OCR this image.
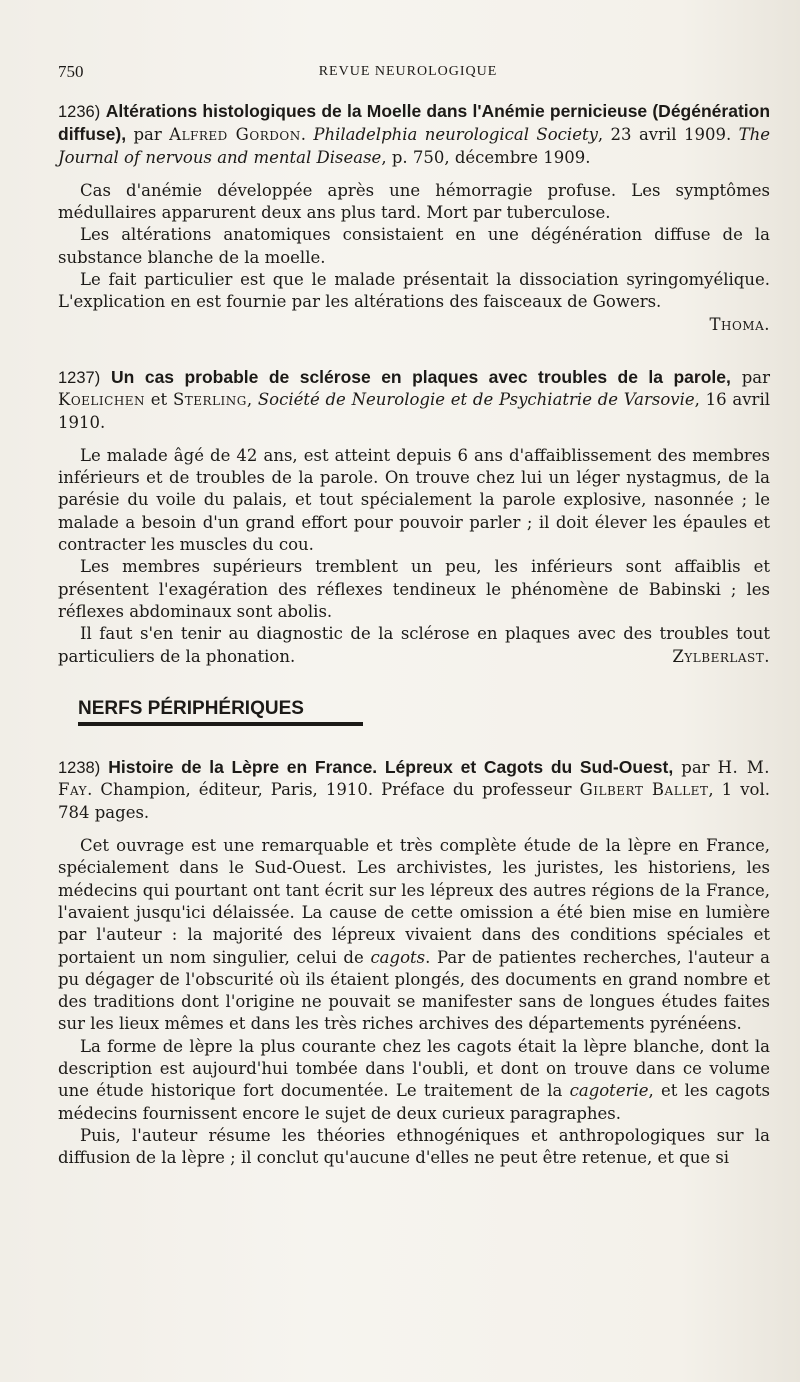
750	REVUE NEUROLOGIQUE

1236) Altérations histologiques de la Moelle dans l'Anémie pernicieuse (Dégénération diffuse), par Alfred Gordon. Philadelphia neurological Society, 23 avril 1909. The Journal of nervous and mental Disease, p. 750, décembre 1909.

Cas d'anémie développée après une hémorragie profuse. Les symptômes médullaires apparurent deux ans plus tard. Mort par tuberculose.

Les altérations anatomiques consistaient en une dégénération diffuse de la substance blanche de la moelle.

Le fait particulier est que le malade présentait la dissociation syringomyélique. L'explication en est fournie par les altérations des faisceaux de Gowers.

Thoma.

1237) Un cas probable de sclérose en plaques avec troubles de la parole, par Koelichen et Sterling, Société de Neurologie et de Psychiatrie de Varsovie, 16 avril 1910.

Le malade âgé de 42 ans, est atteint depuis 6 ans d'affaiblissement des membres inférieurs et de troubles de la parole. On trouve chez lui un léger nystagmus, de la parésie du voile du palais, et tout spécialement la parole explosive, nasonnée ; le malade a besoin d'un grand effort pour pouvoir parler ; il doit élever les épaules et contracter les muscles du cou.

Les membres supérieurs tremblent un peu, les inférieurs sont affaiblis et présentent l'exagération des réflexes tendineux le phénomène de Babinski ; les réflexes abdominaux sont abolis.

Il faut s'en tenir au diagnostic de la sclérose en plaques avec des troubles tout particuliers de la phonation.	Zylberlast.

NERFS PÉRIPHÉRIQUES

1238) Histoire de la Lèpre en France. Lépreux et Cagots du Sud-Ouest, par H. M. Fay. Champion, éditeur, Paris, 1910. Préface du professeur Gilbert Ballet, 1 vol. 784 pages.

Cet ouvrage est une remarquable et très complète étude de la lèpre en France, spécialement dans le Sud-Ouest. Les archivistes, les juristes, les historiens, les médecins qui pourtant ont tant écrit sur les lépreux des autres régions de la France, l'avaient jusqu'ici délaissée. La cause de cette omission a été bien mise en lumière par l'auteur : la majorité des lépreux vivaient dans des conditions spéciales et portaient un nom singulier, celui de cagots. Par de patientes recherches, l'auteur a pu dégager de l'obscurité où ils étaient plongés, des documents en grand nombre et des traditions dont l'origine ne pouvait se manifester sans de longues études faites sur les lieux mêmes et dans les très riches archives des départements pyrénéens.

La forme de lèpre la plus courante chez les cagots était la lèpre blanche, dont la description est aujourd'hui tombée dans l'oubli, et dont on trouve dans ce volume une étude historique fort documentée. Le traitement de la cagoterie, et les cagots médecins fournissent encore le sujet de deux curieux paragraphes.

Puis, l'auteur résume les théories ethnogéniques et anthropologiques sur la diffusion de la lèpre ; il conclut qu'aucune d'elles ne peut être retenue, et que si
